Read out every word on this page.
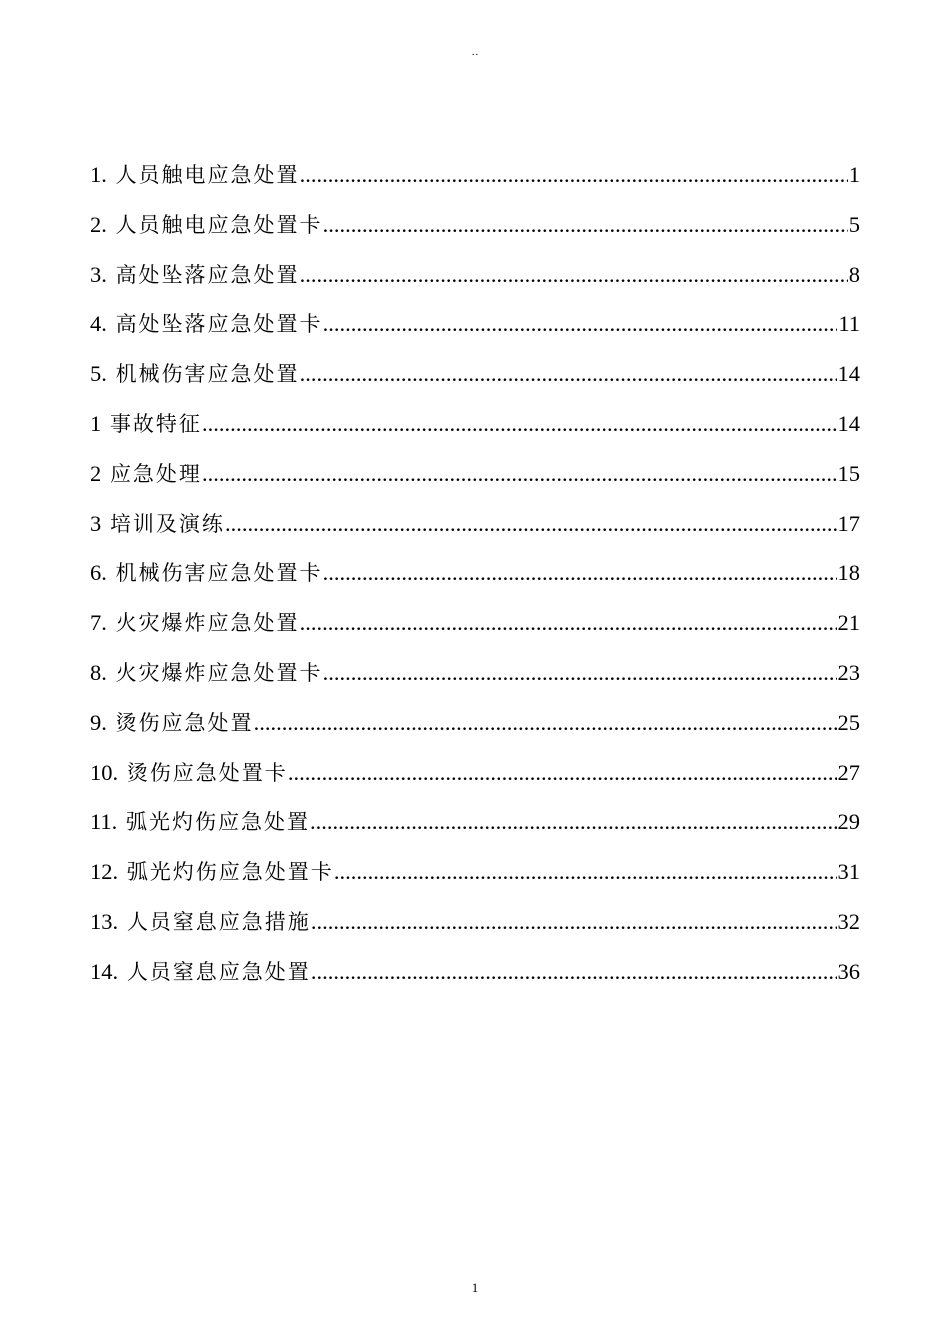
··
1. 人员触电应急处置 .....	1
2. 人员触电应急处置卡 .....	5
3. 高处坠落应急处置 .....	8
4. 高处坠落应急处置卡 .....	11
5. 机械伤害应急处置 .....	14
1 事故特征 .....	14
2 应急处理 .....	15
3 培训及演练 .....	17
6. 机械伤害应急处置卡 .....	18
7. 火灾爆炸应急处置 .....	21
8. 火灾爆炸应急处置卡 .....	23
9. 烫伤应急处置 .....	25
10. 烫伤应急处置卡 .....	27
11. 弧光灼伤应急处置 .....	29
12. 弧光灼伤应急处置卡 .....	31
13. 人员窒息应急措施 .....	32
14. 人员窒息应急处置 .....	36
1
